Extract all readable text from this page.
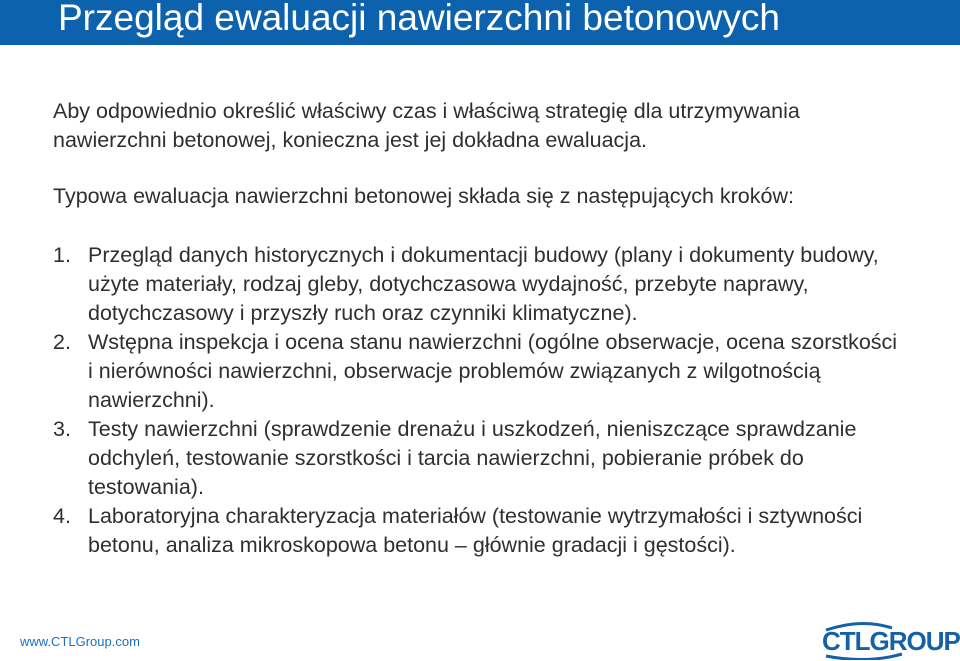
Przegląd ewaluacji nawierzchni betonowych
Aby odpowiednio określić właściwy czas i właściwą strategię dla utrzymywania nawierzchni betonowej, konieczna jest jej dokładna ewaluacja.
Typowa ewaluacja nawierzchni betonowej składa się z następujących kroków:
1. Przegląd danych historycznych i dokumentacji budowy (plany i dokumenty budowy, użyte materiały, rodzaj gleby, dotychczasowa wydajność, przebyte naprawy, dotychczasowy i przyszły ruch oraz czynniki klimatyczne).
2. Wstępna inspekcja i ocena stanu nawierzchni (ogólne obserwacje, ocena szorstkości i nierówności nawierzchni, obserwacje problemów związanych z wilgotnością nawierzchni).
3. Testy nawierzchni (sprawdzenie drenażu i uszkodzeń, nieniszczące sprawdzanie odchyleń, testowanie szorstkości i tarcia nawierzchni, pobieranie próbek do testowania).
4. Laboratoryjna charakteryzacja materiałów (testowanie wytrzymałości i sztywności betonu, analiza mikroskopowa betonu – głównie gradacji i gęstości).
www.CTLGroup.com	CTLGROUP
